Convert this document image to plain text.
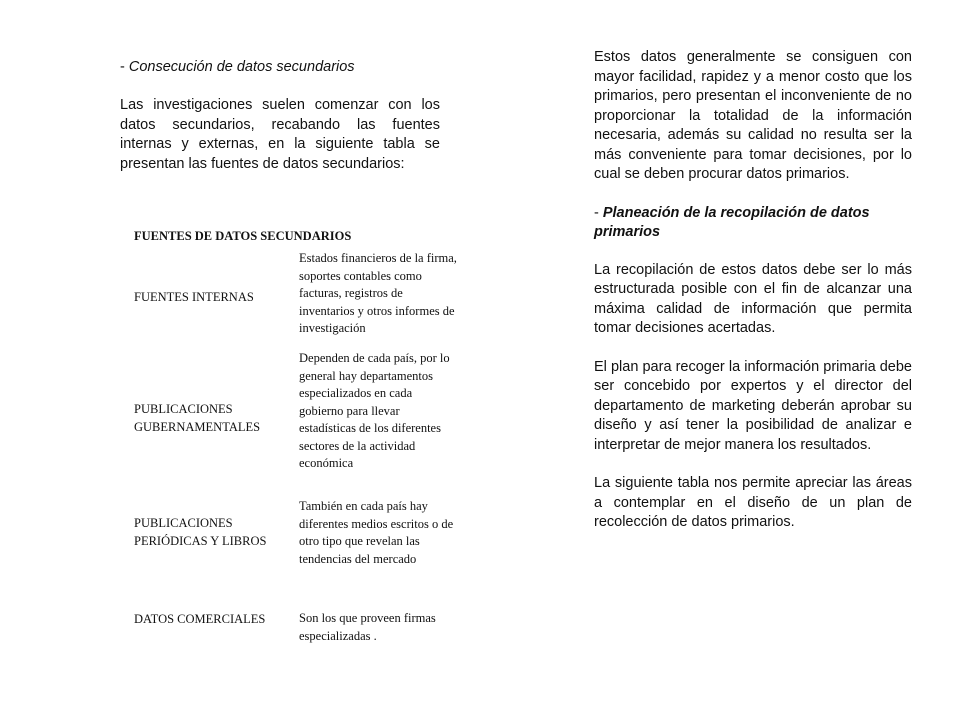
- Consecución de datos secundarios

Las investigaciones suelen comenzar con los datos secundarios, recabando las fuentes internas y externas, en la siguiente tabla se presentan las fuentes de datos secundarios:

FUENTES DE DATOS SECUNDARIOS

FUENTES INTERNAS
Estados financieros de la firma, soportes contables como facturas, registros de inventarios y otros informes de investigación
PUBLICACIONES GUBERNAMENTALES
Dependen de cada país, por lo general hay departamentos especializados en cada gobierno para llevar estadísticas de los diferentes sectores de la actividad económica
PUBLICACIONES PERIÓDICAS Y LIBROS
También en cada país hay diferentes medios escritos o de otro tipo que revelan las tendencias del mercado
DATOS COMERCIALES	Son los que proveen firmas especializadas .

Estos datos generalmente se consiguen con mayor facilidad, rapidez y a menor costo que los primarios, pero presentan el inconveniente de no proporcionar la totalidad de la información necesaria, además su calidad no resulta ser la más conveniente para tomar decisiones, por lo cual se deben procurar datos primarios.

- Planeación de la recopilación de datos primarios

La recopilación de estos datos debe ser lo más estructurada posible con el fin de alcanzar una máxima calidad de información que permita tomar decisiones acertadas.

El plan para recoger la información primaria debe ser concebido por expertos y el director del departamento de marketing deberán aprobar su diseño y así tener la posibilidad de analizar e interpretar de mejor manera los resultados.

La siguiente tabla nos permite apreciar las áreas a contemplar en el diseño de un plan de recolección de datos primarios.
